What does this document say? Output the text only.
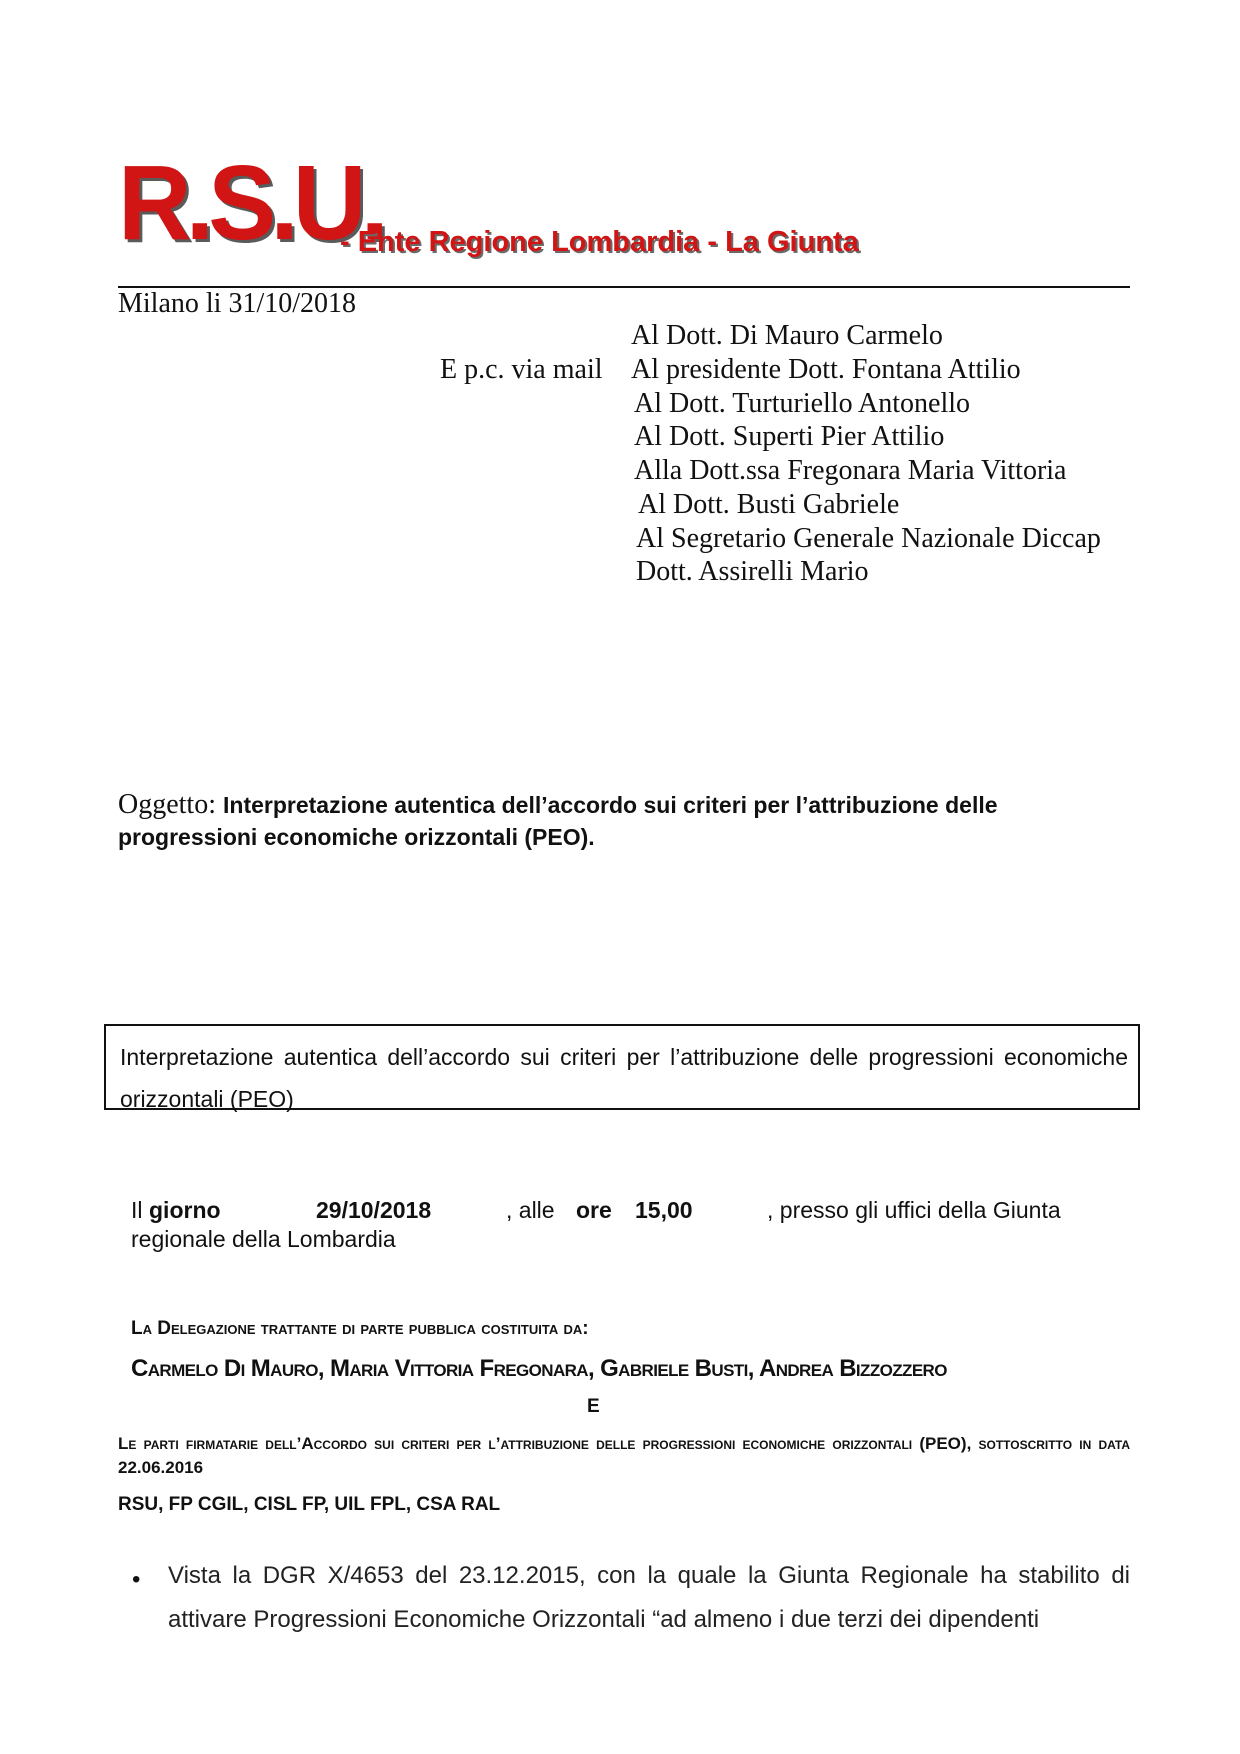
R.S.U.
- Ente Regione Lombardia - La Giunta
Milano li 31/10/2018
Al Dott. Di Mauro Carmelo
E p.c. via mail Al presidente Dott. Fontana Attilio
Al Dott. Turturiello Antonello
Al Dott. Superti Pier Attilio
Alla Dott.ssa Fregonara Maria Vittoria
Al Dott. Busti Gabriele
Al Segretario Generale Nazionale Diccap
Dott. Assirelli Mario
Oggetto: Interpretazione autentica dell’accordo sui criteri per l’attribuzione delle progressioni economiche orizzontali (PEO).
Interpretazione autentica dell’accordo sui criteri per l’attribuzione delle progressioni economiche orizzontali (PEO)
Il giorno	29/10/2018	, alle ore 15,00	, presso gli uffici della Giunta
regionale della Lombardia
La Delegazione trattante di parte pubblica costituita da:
Carmelo Di Mauro, Maria Vittoria Fregonara, Gabriele Busti, Andrea Bizzozzero
E
Le parti firmatarie dell’Accordo sui criteri per l’attribuzione delle progressioni economiche orizzontali (PEO), sottoscritto in data 22.06.2016
RSU, FP CGIL, CISL FP, UIL FPL, CSA RAL
• Vista la DGR X/4653 del 23.12.2015, con la quale la Giunta Regionale ha stabilito di attivare Progressioni Economiche Orizzontali “ad almeno i due terzi dei dipendenti
